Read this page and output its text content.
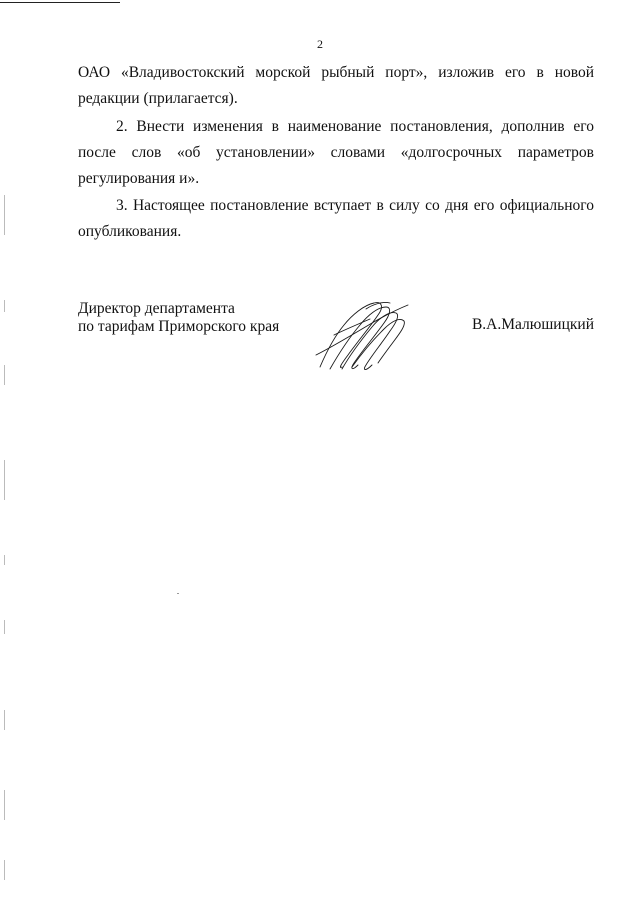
2

ОАО «Владивостокский морской рыбный порт», изложив его в новой редакции (прилагается).

2. Внести изменения в наименование постановления, дополнив его после слов «об установлении» словами «долгосрочных параметров регулирования и».

3. Настоящее постановление вступает в силу со дня его официального опубликования.

Директор департамента
по тарифам Приморского края	В.А.Малюшицкий
